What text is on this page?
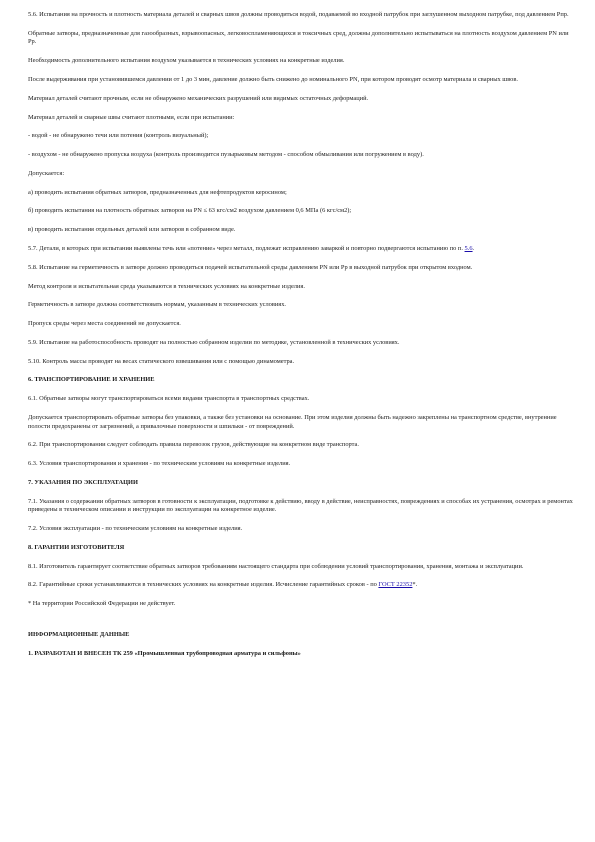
5.6. Испытания на прочность и плотность материала деталей и сварных швов должны проводиться водой, подаваемой во входной патрубок при заглушенном выходном патрубке, под давлением Рпр.

Обратные затворы, предназначенные для газообразных, взрывоопасных, легковоспламеняющихся и токсичных сред, должны дополнительно испытываться на плотность воздухом давлением PN или Рр.

Необходимость дополнительного испытания воздухом указывается в технических условиях на конкретные изделия.

После выдерживания при установившемся давлении от 1 до 3 мин, давление должно быть снижено до номинального PN, при котором проводят осмотр материала и сварных швов.

Материал деталей считают прочным, если не обнаружено механических разрушений или видимых остаточных деформаций.

Материал деталей и сварные швы считают плотными, если при испытании:

- водой - не обнаружено течи или потения (контроль визуальный);

- воздухом - не обнаружено пропуска воздуха (контроль производится пузырьковым методом - способом обмыливания или погружением в воду).

Допускается:

а) проводить испытания обратных затворов, предназначенных для нефтепродуктов керосином;

б) проводить испытания на плотность обратных затворов на PN ≤ 63 кгс/см2 воздухом давлением 0,6 МПа (6 кгс/см2);

в) проводить испытания отдельных деталей или затворов в собранном виде.

5.7. Детали, в которых при испытании выявлены течь или «потение» через металл, подлежат исправлению заваркой и повторно подвергаются испытанию по п. 5.6.

5.8. Испытание на герметичность в затворе должно проводиться подачей испытательной среды давлением PN или Рр в выходной патрубок при открытом входном.

Метод контроля и испытательная среда указываются в технических условиях на конкретные изделия.

Герметичность в затворе должна соответствовать нормам, указанным в технических условиях.

Пропуск среды через места соединений не допускается.

5.9. Испытание на работоспособность проводят на полностью собранном изделии по методике, установленной в технических условиях.

5.10. Контроль массы проводят на весах статического взвешивания или с помощью динамометра.

6. ТРАНСПОРТИРОВАНИЕ И ХРАНЕНИЕ

6.1. Обратные затворы могут транспортироваться всеми видами транспорта в транспортных средствах.

Допускается транспортировать обратные затворы без упаковки, а также без установки на основание. При этом изделия должны быть надежно закреплены на транспортном средстве, внутренние полости предохранены от загрязнений, а привалочные поверхности и шпильки - от повреждений.

6.2. При транспортировании следует соблюдать правила перевозок грузов, действующие на конкретном виде транспорта.

6.3. Условия транспортирования и хранения - по техническим условиям на конкретные изделия.

7. УКАЗАНИЯ ПО ЭКСПЛУАТАЦИИ

7.1. Указания о содержании обратных затворов в готовности к эксплуатации, подготовке к действию, вводу в действие, неисправностях, повреждениях и способах их устранения, осмотрах и ремонтах приведены в техническом описании и инструкции по эксплуатации на конкретное изделие.

7.2. Условия эксплуатации - по техническим условиям на конкретные изделия.

8. ГАРАНТИИ ИЗГОТОВИТЕЛЯ

8.1. Изготовитель гарантирует соответствие обратных затворов требованиям настоящего стандарта при соблюдении условий транспортирования, хранения, монтажа и эксплуатации.

8.2. Гарантийные сроки устанавливаются в технических условиях на конкретные изделия. Исчисление гарантийных сроков - по ГОСТ 22352*.

* На территории Российской Федерации не действует.

ИНФОРМАЦИОННЫЕ ДАННЫЕ

1. РАЗРАБОТАН И ВНЕСЕН ТК 259 «Промышленная трубопроводная арматура и сильфоны»
